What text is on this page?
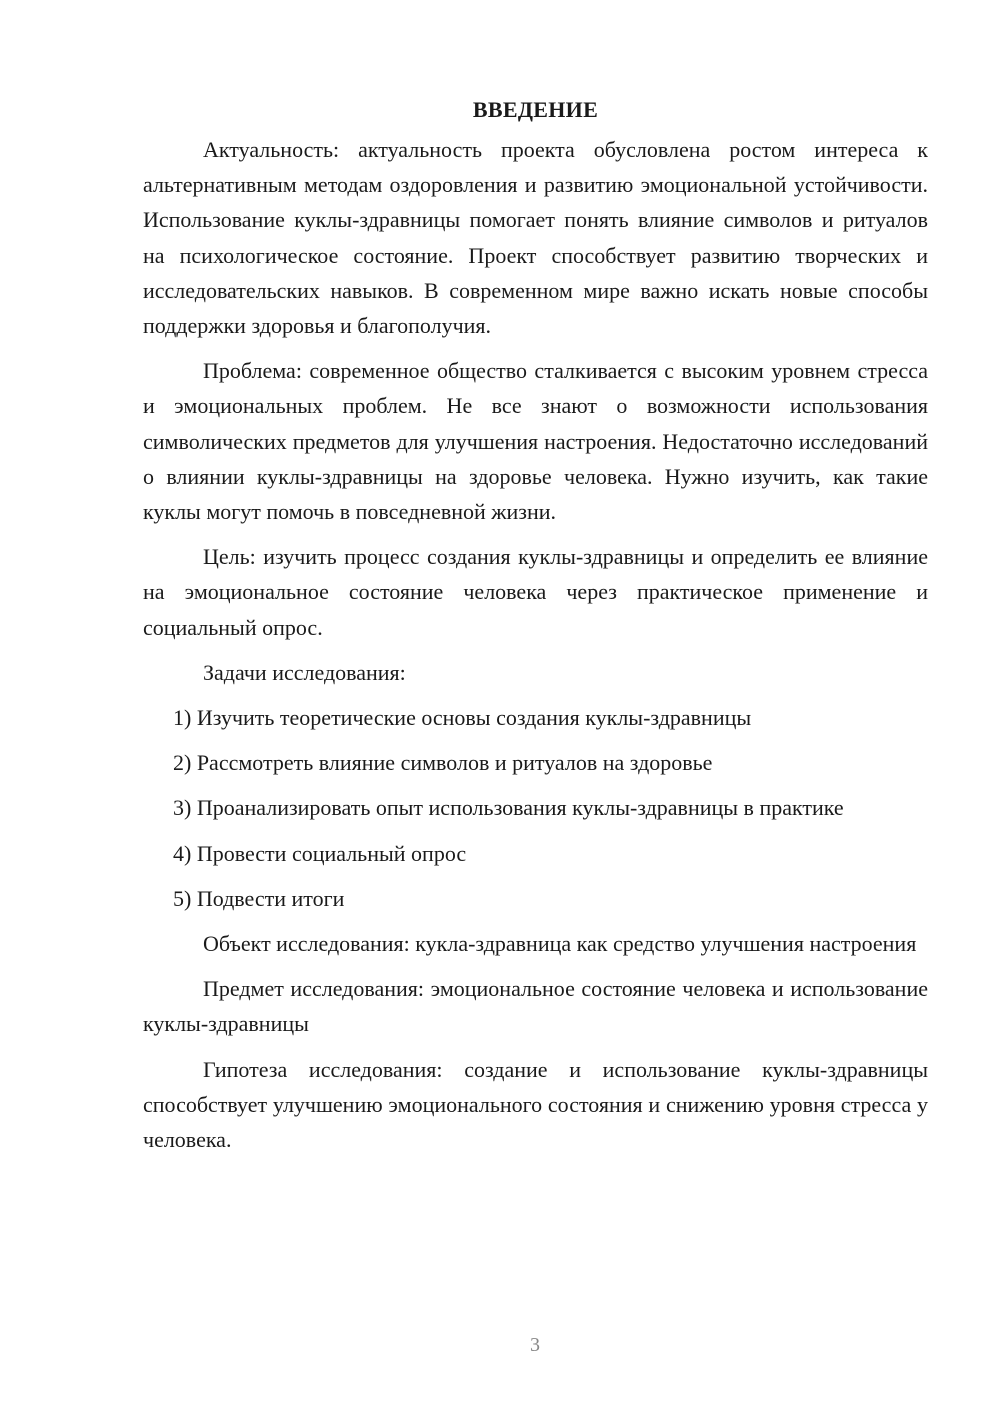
ВВЕДЕНИЕ

Актуальность: актуальность проекта обусловлена ростом интереса к альтернативным методам оздоровления и развитию эмоциональной устойчивости. Использование куклы-здравницы помогает понять влияние символов и ритуалов на психологическое состояние. Проект способствует развитию творческих и исследовательских навыков. В современном мире важно искать новые способы поддержки здоровья и благополучия.

Проблема: современное общество сталкивается с высоким уровнем стресса и эмоциональных проблем. Не все знают о возможности использования символических предметов для улучшения настроения. Недостаточно исследований о влиянии куклы-здравницы на здоровье человека. Нужно изучить, как такие куклы могут помочь в повседневной жизни.

Цель: изучить процесс создания куклы-здравницы и определить ее влияние на эмоциональное состояние человека через практическое применение и социальный опрос.

Задачи исследования:

1) Изучить теоретические основы создания куклы-здравницы

2) Рассмотреть влияние символов и ритуалов на здоровье

3) Проанализировать опыт использования куклы-здравницы в практике

4) Провести социальный опрос

5) Подвести итоги

Объект исследования: кукла-здравница как средство улучшения настроения

Предмет исследования: эмоциональное состояние человека и использование куклы-здравницы

Гипотеза исследования: создание и использование куклы-здравницы способствует улучшению эмоционального состояния и снижению уровня стресса у человека.

3
